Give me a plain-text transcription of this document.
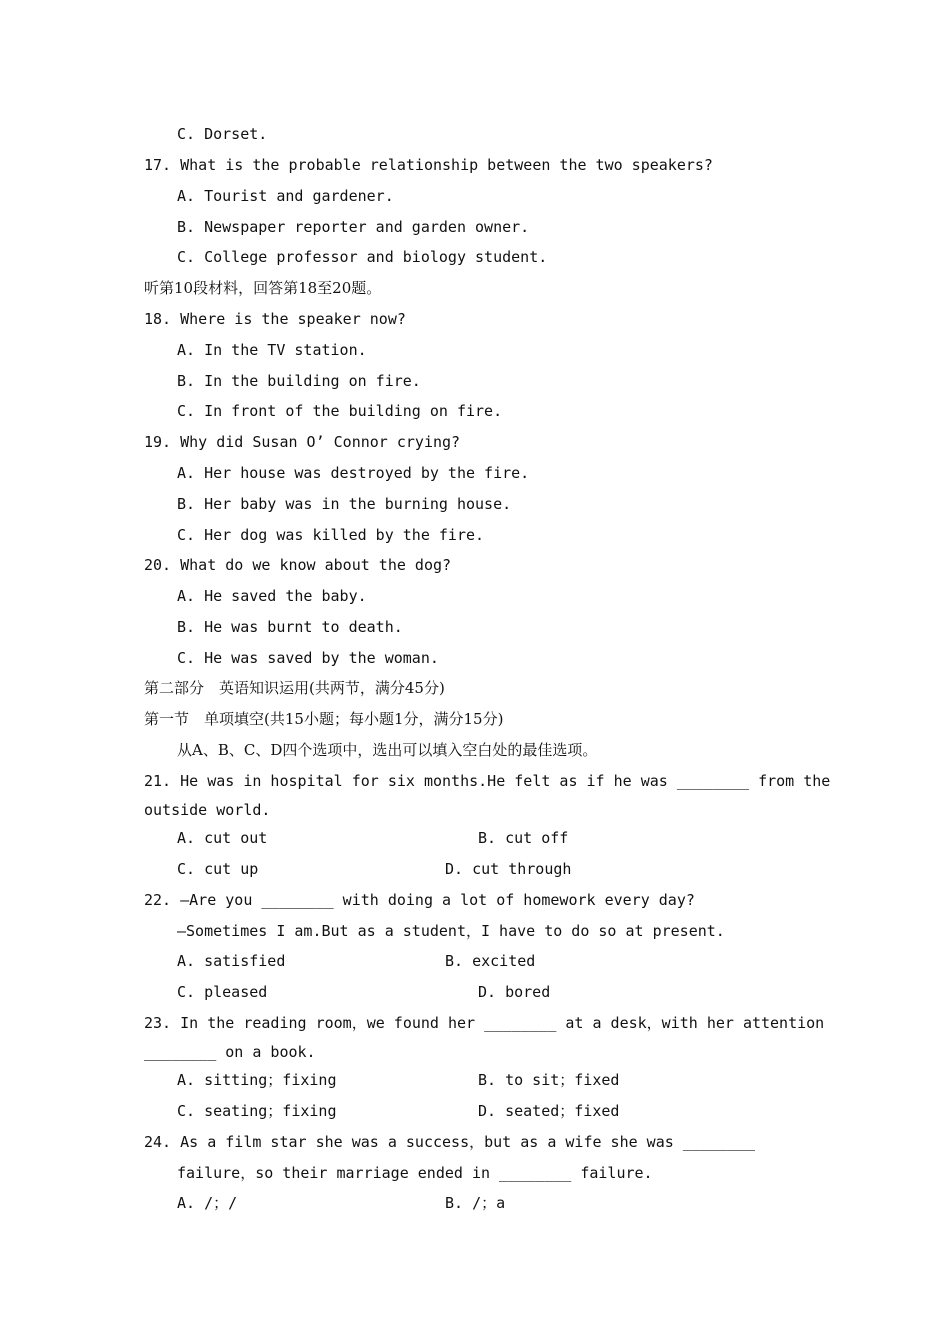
C. Dorset.
17. What is the probable relationship between the two speakers?
A. Tourist and gardener.
B. Newspaper reporter and garden owner.
C. College professor and biology student.
听第10段材料，回答第18至20题。
18. Where is the speaker now?
A. In the TV station.
B. In the building on fire.
C. In front of the building on fire.
19. Why did Susan O’ Connor crying?
A. Her house was destroyed by the fire.
B. Her baby was in the burning house.
C. Her dog was killed by the fire.
20. What do we know about the dog?
A. He saved the baby.
B. He was burnt to death.
C. He was saved by the woman.
第二部分　英语知识运用(共两节，满分45分)
第一节　单项填空(共15小题；每小题1分，满分15分)
从A、B、C、D四个选项中，选出可以填入空白处的最佳选项。
21. He was in hospital for six months.He felt as if he was ________ from the
outside world.
A. cut out	B. cut off
C. cut up	D. cut through
22. —Are you ________ with doing a lot of homework every day?
—Sometimes I am.But as a student，I have to do so at present.
A. satisfied	B. excited
C. pleased	D. bored
23. In the reading room，we found her ________ at a desk，with her attention
________ on a book.
A. sitting；fixing	B. to sit；fixed
C. seating；fixing	D. seated；fixed
24. As a film star she was a success，but as a wife she was ________
failure，so their marriage ended in ________ failure.
A. /；/	B. /；a
